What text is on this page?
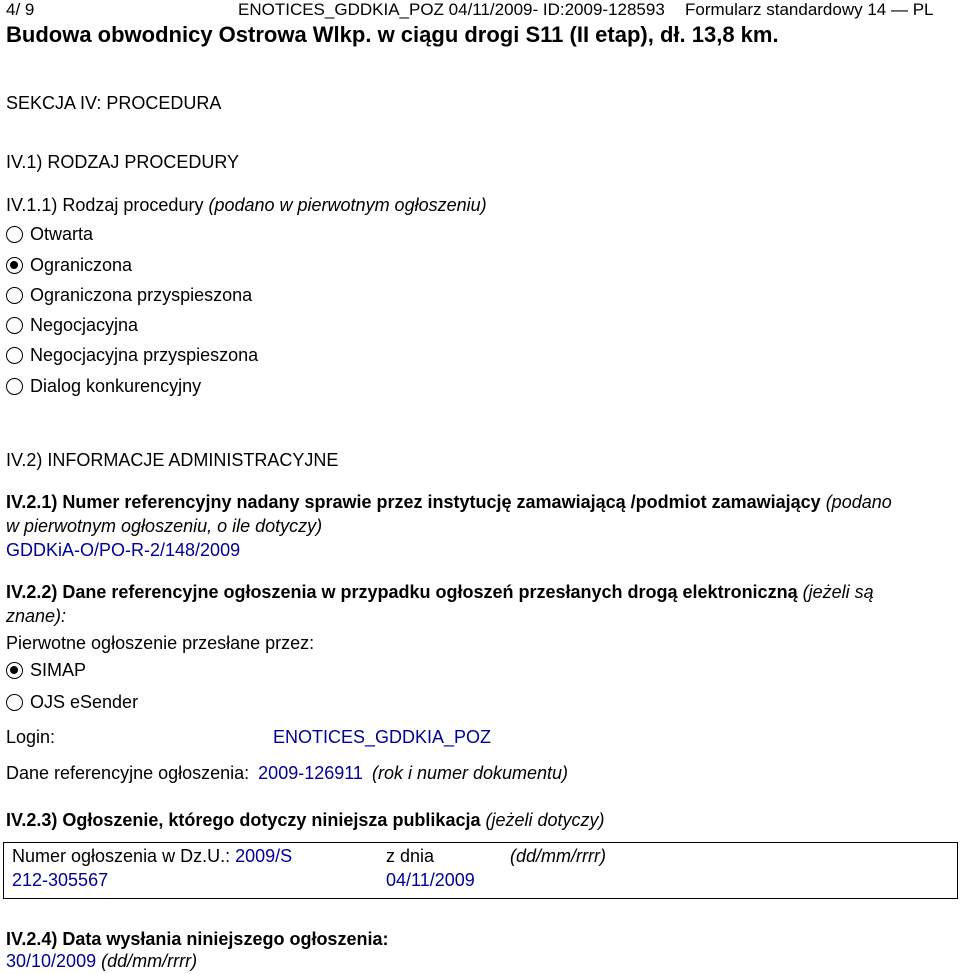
4/ 9	ENOTICES_GDDKIA_POZ 04/11/2009- ID:2009-128593 Formularz standardowy 14 — PL
Budowa obwodnicy Ostrowa Wlkp. w ciągu drogi S11 (II etap), dł. 13,8 km.
SEKCJA IV: PROCEDURA
IV.1) RODZAJ PROCEDURY
IV.1.1) Rodzaj procedury (podano w pierwotnym ogłoszeniu)
Otwarta
Ograniczona
Ograniczona przyspieszona
Negocjacyjna
Negocjacyjna przyspieszona
Dialog konkurencyjny
IV.2) INFORMACJE ADMINISTRACYJNE
IV.2.1) Numer referencyjny nadany sprawie przez instytucję zamawiającą /podmiot zamawiający (podano
w pierwotnym ogłoszeniu, o ile dotyczy)
GDDKiA-O/PO-R-2/148/2009
IV.2.2) Dane referencyjne ogłoszenia w przypadku ogłoszeń przesłanych drogą elektroniczną (jeżeli są
znane):
Pierwotne ogłoszenie przesłane przez:
SIMAP
OJS eSender
Login:	ENOTICES_GDDKIA_POZ
Dane referencyjne ogłoszenia: 2009-126911 (rok i numer dokumentu)
IV.2.3) Ogłoszenie, którego dotyczy niniejsza publikacja (jeżeli dotyczy)
Numer ogłoszenia w Dz.U.: 2009/S
212-305567
z dnia
04/11/2009
(dd/mm/rrrr)
IV.2.4) Data wysłania niniejszego ogłoszenia:
30/10/2009 (dd/mm/rrrr)
